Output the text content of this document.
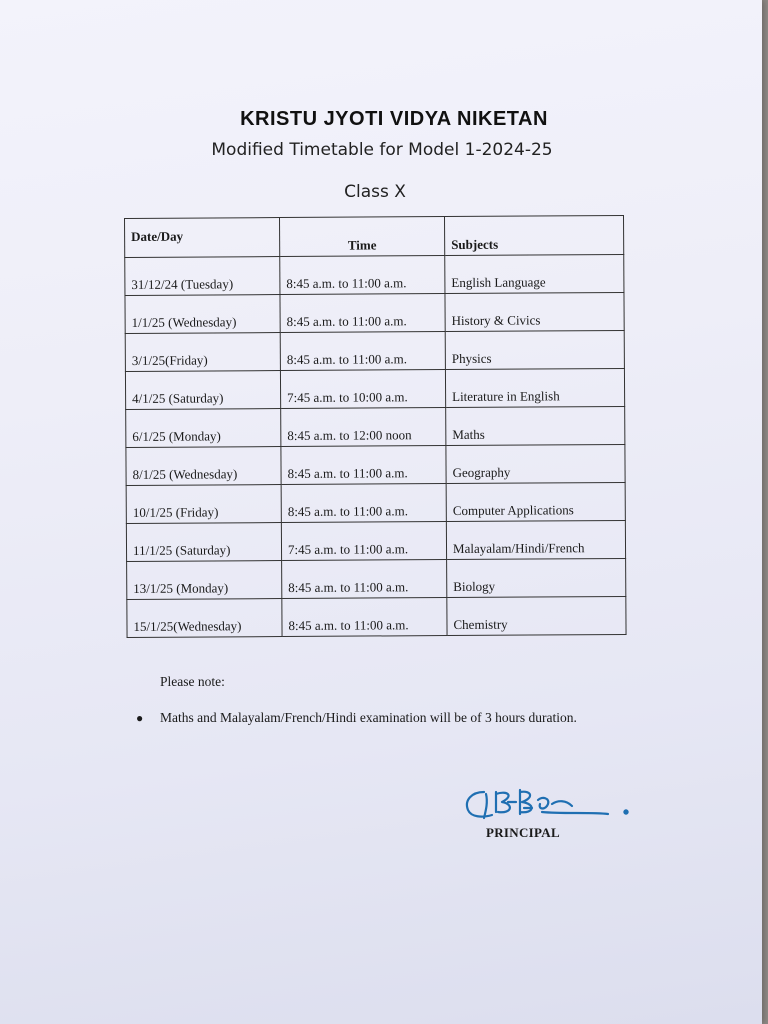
KRISTU JYOTI VIDYA NIKETAN
Modified Timetable for Model 1-2024-25
Class X
Date/Day	Time	Subjects
31/12/24 (Tuesday)	8:45 a.m. to 11:00 a.m.	English Language
1/1/25 (Wednesday)	8:45 a.m. to 11:00 a.m.	History & Civics
3/1/25(Friday)	8:45 a.m. to 11:00 a.m.	Physics
4/1/25 (Saturday)	7:45 a.m. to 10:00 a.m.	Literature in English
6/1/25 (Monday)	8:45 a.m. to 12:00 noon	Maths
8/1/25 (Wednesday)	8:45 a.m. to 11:00 a.m.	Geography
10/1/25 (Friday)	8:45 a.m. to 11:00 a.m.	Computer Applications
11/1/25 (Saturday)	7:45 a.m. to 11:00 a.m.	Malayalam/Hindi/French
13/1/25 (Monday)	8:45 a.m. to 11:00 a.m.	Biology
15/1/25(Wednesday)	8:45 a.m. to 11:00 a.m.	Chemistry
Please note:
● Maths and Malayalam/French/Hindi examination will be of 3 hours duration.
PRINCIPAL
